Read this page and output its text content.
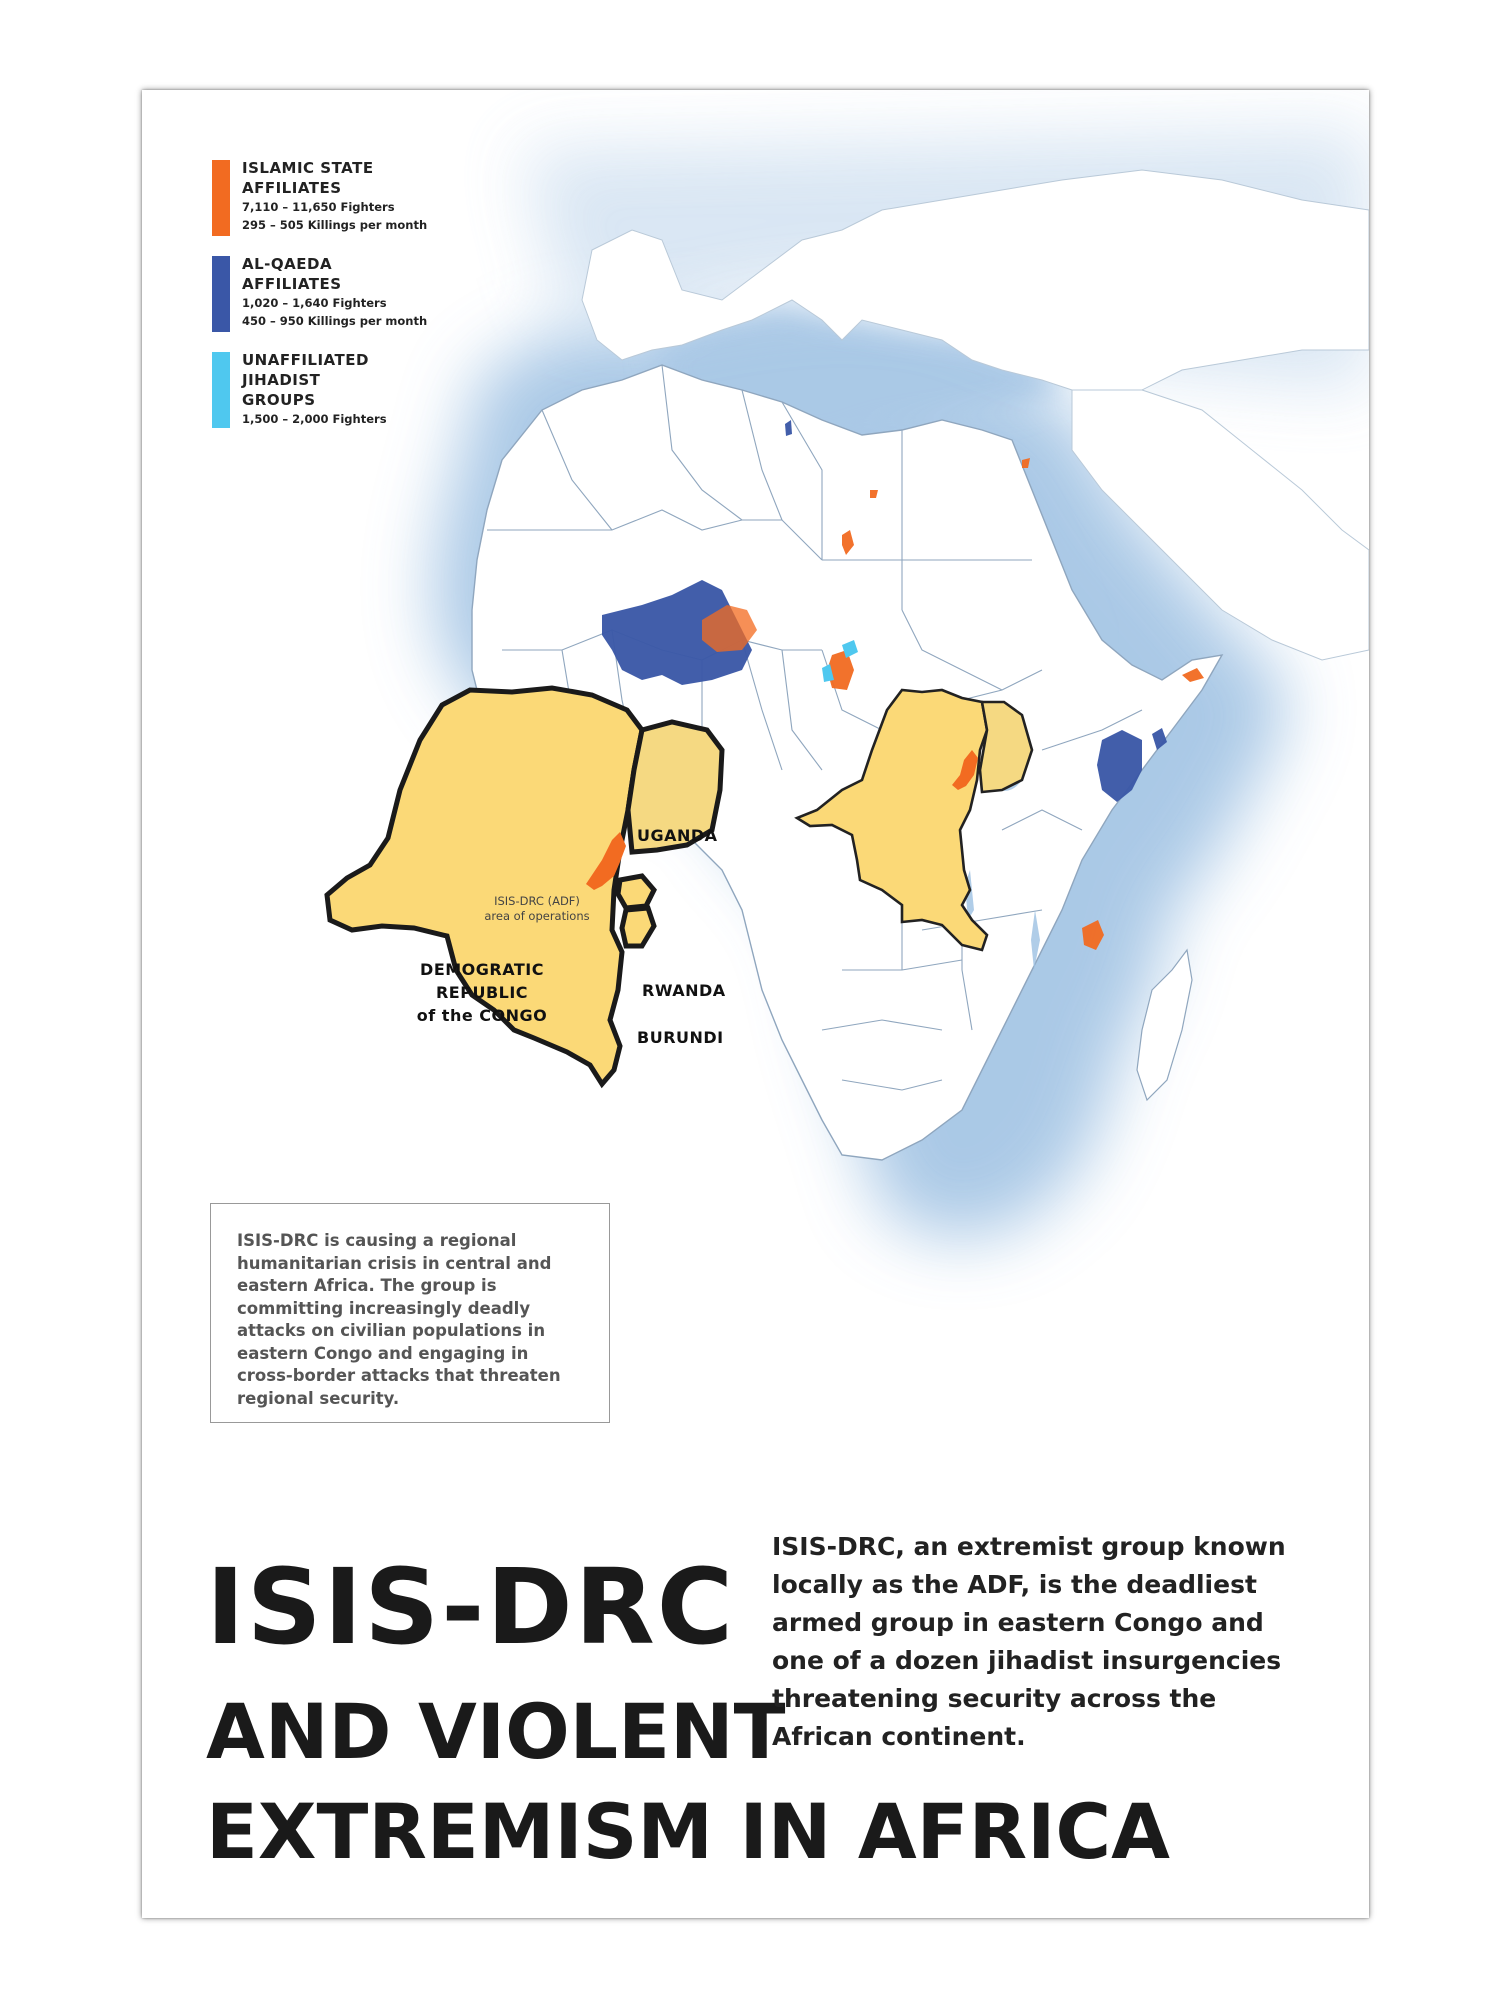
ISLAMIC STATE
AFFILIATES
7,110 – 11,650 Fighters
295 – 505 Killings per month
AL-QAEDA
AFFILIATES
1,020 – 1,640 Fighters
450 – 950 Killings per month
UNAFFILIATED
JIHADIST
GROUPS
1,500 – 2,000 Fighters
UGANDA
RWANDA
BURUNDI
DEMOGRATIC
REPUBLIC
of the CONGO
ISIS-DRC (ADF)
area of operations
ISIS-DRC is causing a regional humanitarian crisis in central and eastern Africa. The group is committing increasingly deadly attacks on civilian populations in eastern Congo and engaging in cross-border attacks that threaten regional security.
ISIS-DRC
AND VIOLENT
EXTREMISM IN AFRICA
ISIS-DRC, an extremist group known locally as the ADF, is the deadliest armed group in eastern Congo and one of a dozen jihadist insurgencies threatening security across the African continent.
